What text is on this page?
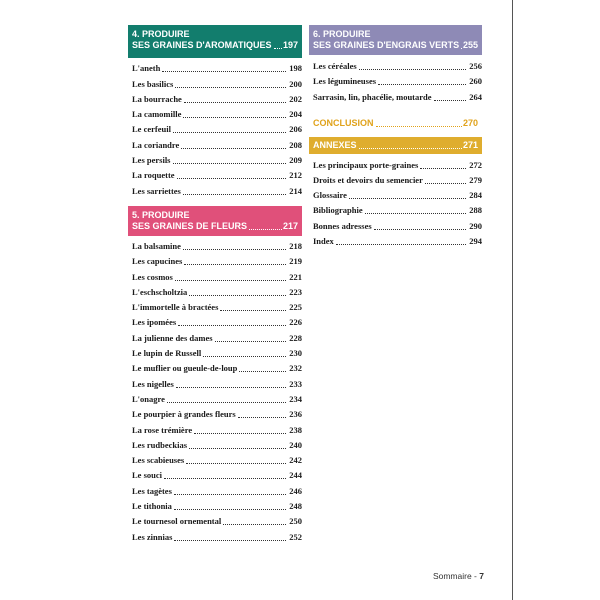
4. PRODUIRE
SES GRAINES D'AROMATIQUES 197
L'aneth	198
Les basilics	200
La bourrache	202
La camomille	204
Le cerfeuil	206
La coriandre	208
Les persils	209
La roquette	212
Les sarriettes	214
5. PRODUIRE
SES GRAINES DE FLEURS	217
La balsamine	218
Les capucines	219
Les cosmos	221
L'eschscholtzia	223
L'immortelle à bractées	225
Les ipomées	226
La julienne des dames	228
Le lupin de Russell	230
Le muflier ou gueule-de-loup	232
Les nigelles	233
L'onagre	234
Le pourpier à grandes fleurs	236
La rose trémière	238
Les rudbeckias	240
Les scabieuses	242
Le souci	244
Les tagètes	246
Le tithonia	248
Le tournesol ornemental	250
Les zinnias	252
6. PRODUIRE
SES GRAINES D'ENGRAIS VERTS 255
Les céréales	256
Les légumineuses	260
Sarrasin, lin, phacélie, moutarde	264
CONCLUSION	270
ANNEXES	271
Les principaux porte-graines	272
Droits et devoirs du semencier	279
Glossaire	284
Bibliographie	288
Bonnes adresses	290
Index	294
Sommaire - 7
